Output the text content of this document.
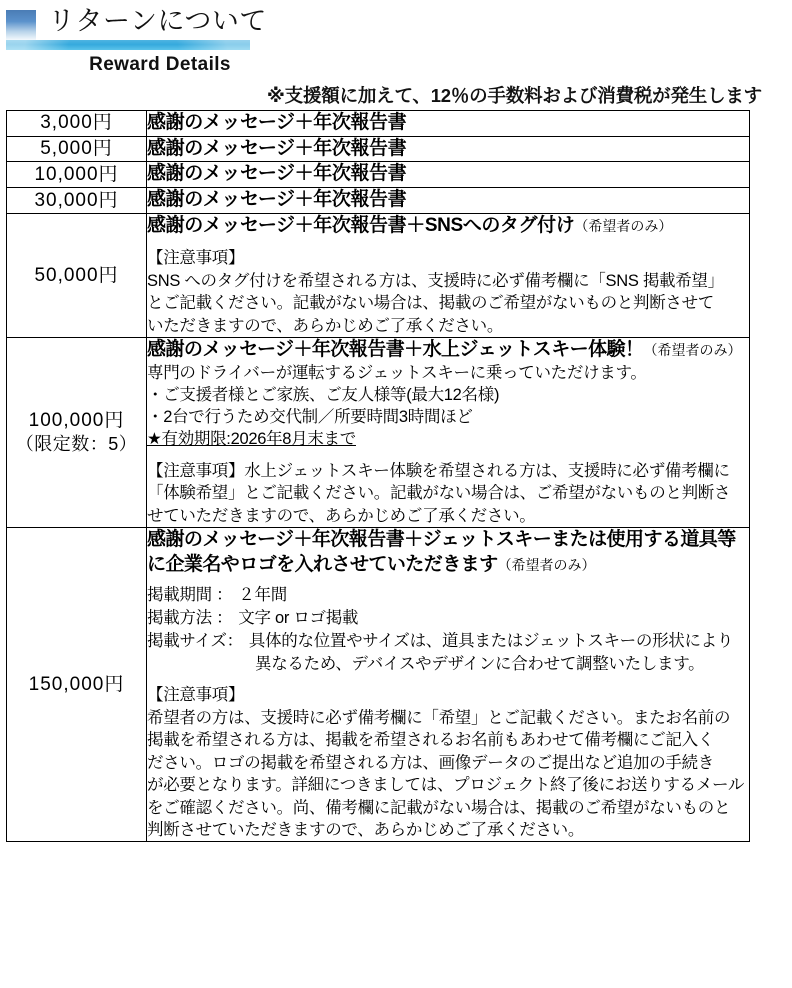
リターンについて
Reward Details
※支援額に加えて、12％の手数料および消費税が発生します
3,000円	感謝のメッセージ＋年次報告書

5,000円	感謝のメッセージ＋年次報告書

10,000円	感謝のメッセージ＋年次報告書

30,000円	感謝のメッセージ＋年次報告書

50,000円	感謝のメッセージ＋年次報告書＋SNSへのタグ付け（希望者のみ）
【注意事項】
SNS へのタグ付けを希望される方は、支援時に必ず備考欄に「SNS 掲載希望」
とご記載ください。記載がない場合は、掲載のご希望がないものと判断させて
いただきますので、あらかじめご了承ください。

100,000円
（限定数：5）

感謝のメッセージ＋年次報告書＋水上ジェットスキー体験！（希望者のみ）
専門のドライバーが運転するジェットスキーに乗っていただけます。
・ご支援者様とご家族、ご友人様等(最大12名様)
・2台で行うため交代制／所要時間3時間ほど
★有効期限:2026年8月末まで
【注意事項】水上ジェットスキー体験を希望される方は、支援時に必ず備考欄に
「体験希望」とご記載ください。記載がない場合は、ご希望がないものと判断さ
せていただきますので、あらかじめご了承ください。

150,000円	
感謝のメッセージ＋年次報告書＋ジェットスキーまたは使用する道具等
に企業名やロゴを入れさせていただきます（希望者のみ）
掲載期間 ： ２年間
掲載方法 ： 文字 or ロゴ掲載
掲載サイズ： 具体的な位置やサイズは、道具またはジェットスキーの形状により
異なるため、デバイスやデザインに合わせて調整いたします。
【注意事項】
希望者の方は、支援時に必ず備考欄に「希望」とご記載ください。またお名前の
掲載を希望される方は、掲載を希望されるお名前もあわせて備考欄にご記入く
ださい。ロゴの掲載を希望される方は、画像データのご提出など追加の手続き
が必要となります。詳細につきましては、プロジェクト終了後にお送りするメール
をご確認ください。尚、備考欄に記載がない場合は、掲載のご希望がないものと
判断させていただきますので、あらかじめご了承ください。
